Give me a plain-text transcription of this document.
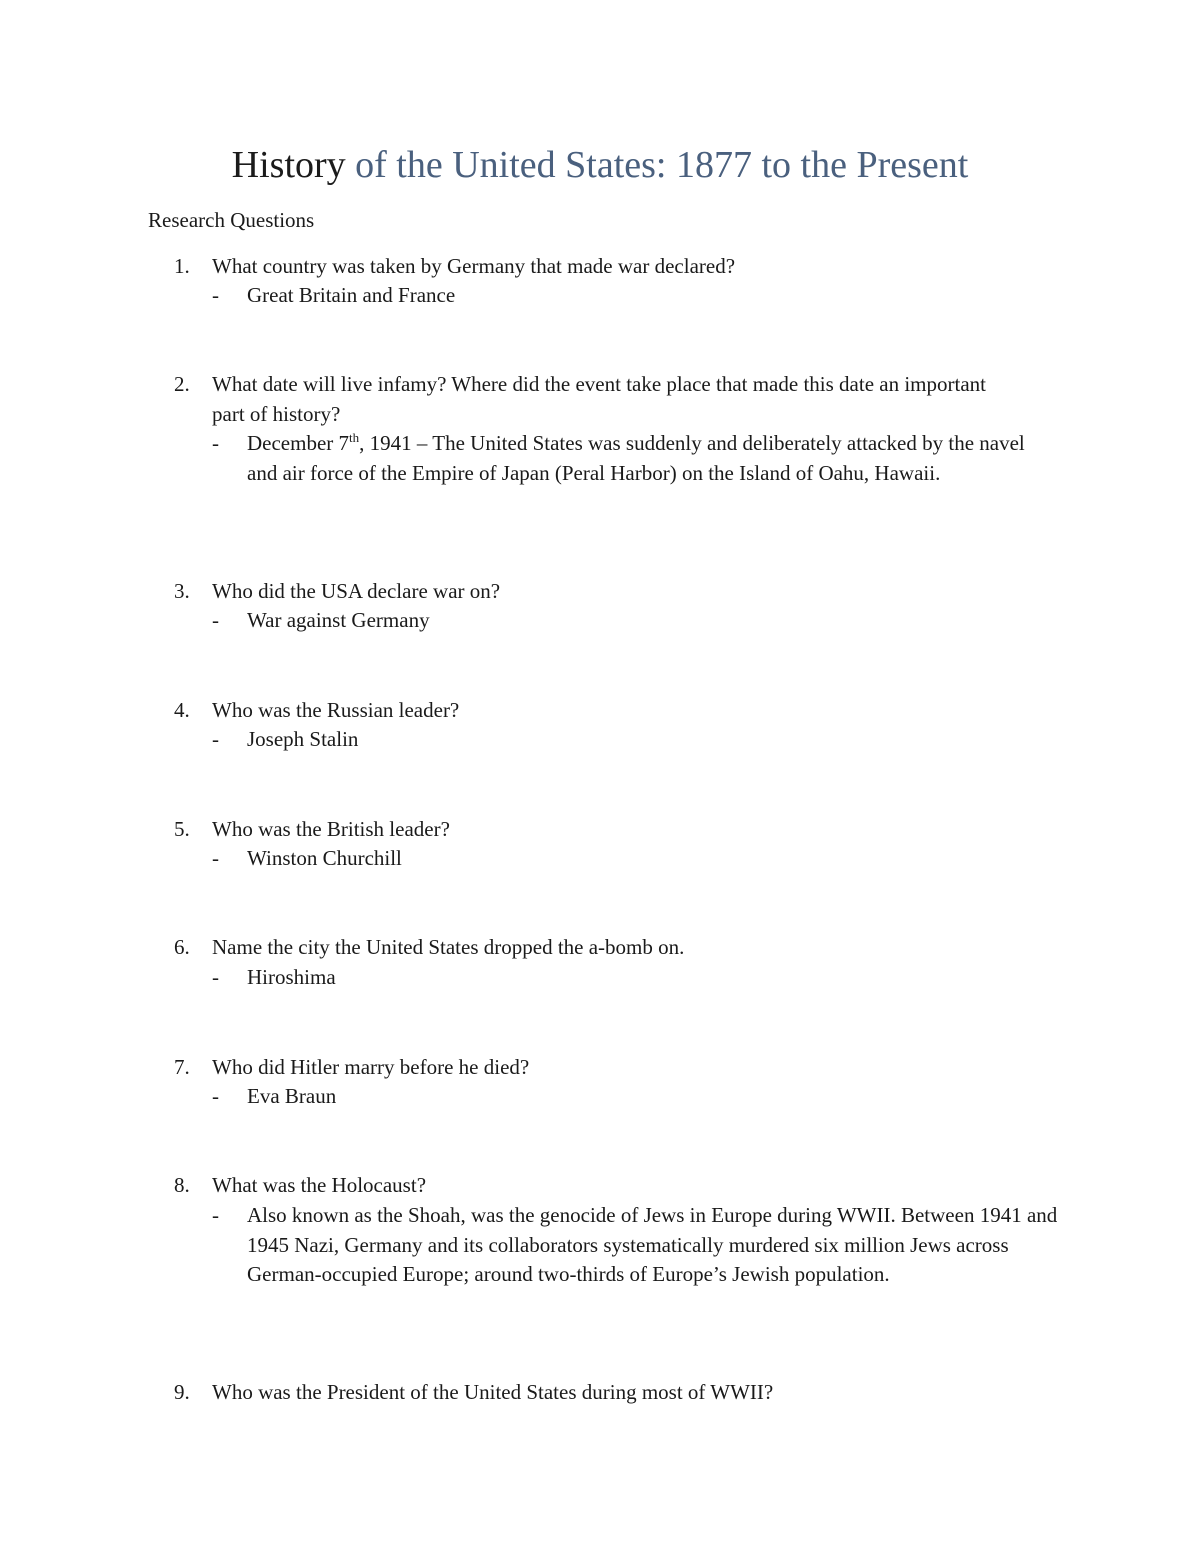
History of the United States: 1877 to the Present
Research Questions
1.	What country was taken by Germany that made war declared?
-	Great Britain and France
2.	What date will live infamy? Where did the event take place that made this date an important part of history?
-	December 7th, 1941 – The United States was suddenly and deliberately attacked by the navel and air force of the Empire of Japan (Peral Harbor) on the Island of Oahu, Hawaii.
3.	Who did the USA declare war on?
-	War against Germany
4.	Who was the Russian leader?
-	Joseph Stalin
5.	Who was the British leader?
-	Winston Churchill
6.	Name the city the United States dropped the a-bomb on.
-	Hiroshima
7.	Who did Hitler marry before he died?
-	Eva Braun
8.	What was the Holocaust?
-	Also known as the Shoah, was the genocide of Jews in Europe during WWII. Between 1941 and 1945 Nazi, Germany and its collaborators systematically murdered six million Jews across German-occupied Europe; around two-thirds of Europe’s Jewish population.
9.	Who was the President of the United States during most of WWII?
